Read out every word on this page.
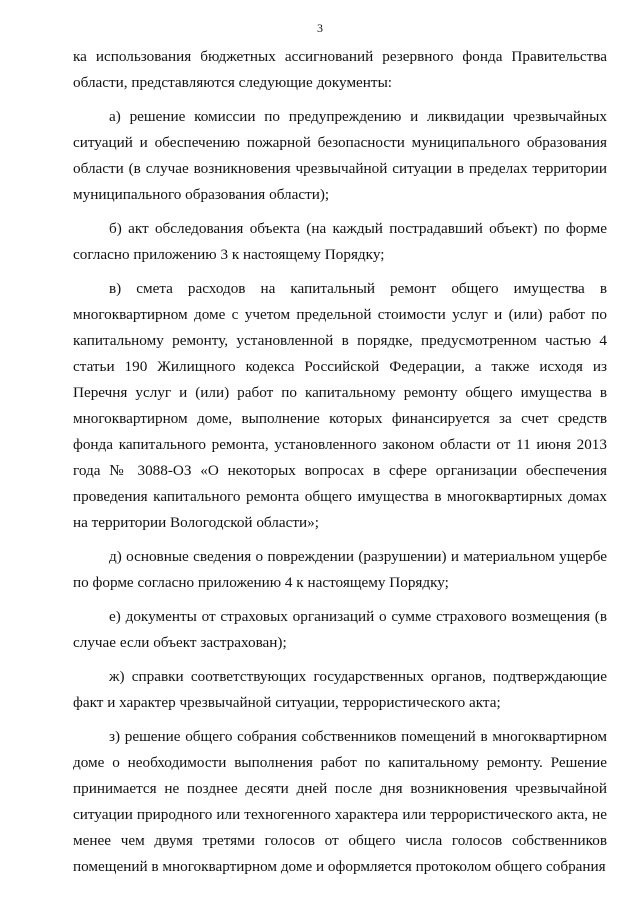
3

ка использования бюджетных ассигнований резервного фонда Правительства области, представляются следующие документы:

а) решение комиссии по предупреждению и ликвидации чрезвычайных ситуаций и обеспечению пожарной безопасности муниципального образования области (в случае возникновения чрезвычайной ситуации в пределах территории муниципального образования области);

б) акт обследования объекта (на каждый пострадавший объект) по форме согласно приложению 3 к настоящему Порядку;

в) смета расходов на капитальный ремонт общего имущества в многоквартирном доме с учетом предельной стоимости услуг и (или) работ по капитальному ремонту, установленной в порядке, предусмотренном частью 4 статьи 190 Жилищного кодекса Российской Федерации, а также исходя из Перечня услуг и (или) работ по капитальному ремонту общего имущества в многоквартирном доме, выполнение которых финансируется за счет средств фонда капитального ремонта, установленного законом области от 11 июня 2013 года № 3088-ОЗ «О некоторых вопросах в сфере организации обеспечения проведения капитального ремонта общего имущества в многоквартирных домах на территории Вологодской области»;

д) основные сведения о повреждении (разрушении) и материальном ущербе по форме согласно приложению 4 к настоящему Порядку;

е) документы от страховых организаций о сумме страхового возмещения (в случае если объект застрахован);

ж) справки соответствующих государственных органов, подтверждающие факт и характер чрезвычайной ситуации, террористического акта;

з) решение общего собрания собственников помещений в многоквартирном доме о необходимости выполнения работ по капитальному ремонту. Решение принимается не позднее десяти дней после дня возникновения чрезвычайной ситуации природного или техногенного характера или террористического акта, не менее чем двумя третями голосов от общего числа голосов собственников помещений в многоквартирном доме и оформляется протоколом общего собрания
